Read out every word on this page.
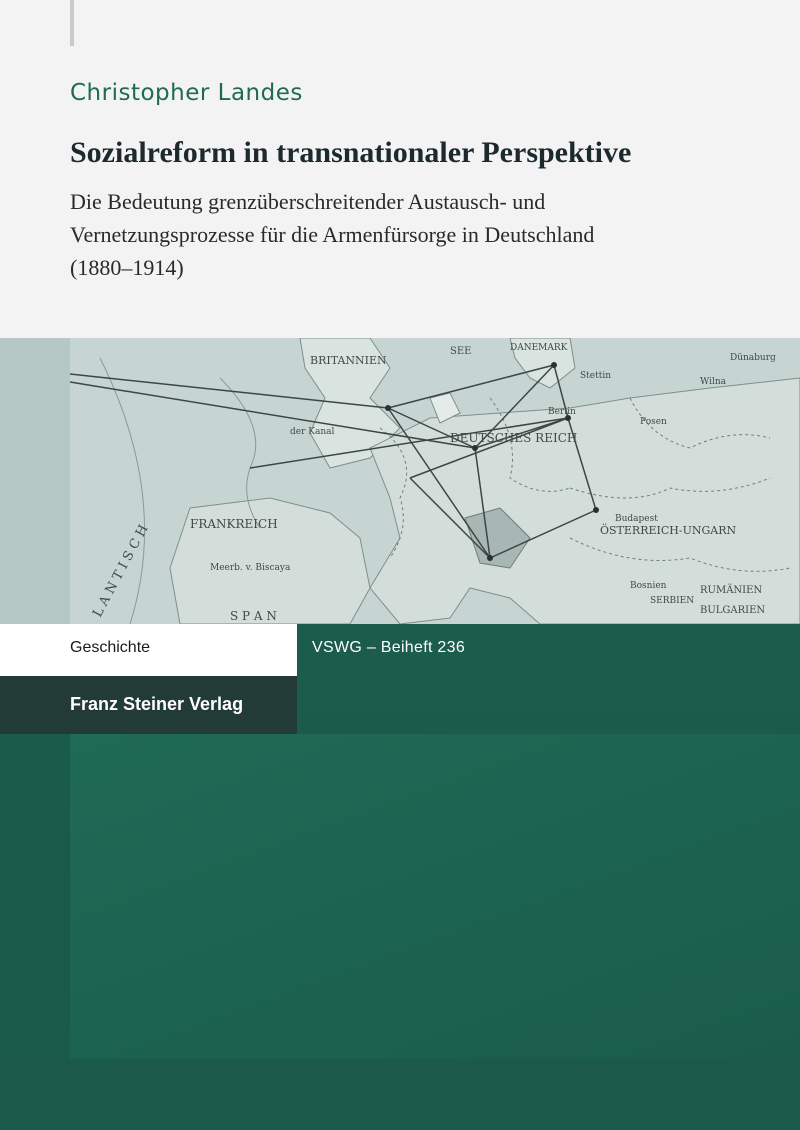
Christopher Landes
Sozialreform in transnationaler Perspektive
Die Bedeutung grenzüberschreitender Austausch- und
Vernetzungsprozesse für die Armenfürsorge in Deutschland
(1880–1914)
BRITANNIEN
FRANKREICH
DEUTSCHES REICH
ÖSTERREICH-UNGARN
L A N T I S C H
SEE	DANEMARK
RUMÄNIEN
BULGARIEN
SERBIEN
Meerb. v. Biscaya
S P A N
Budapest
Berlin
Stettin
Wilna
Posen
Dünaburg
Bosnien
der Kanal
Geschichte	VSWG – Beiheft 236
Franz Steiner Verlag
